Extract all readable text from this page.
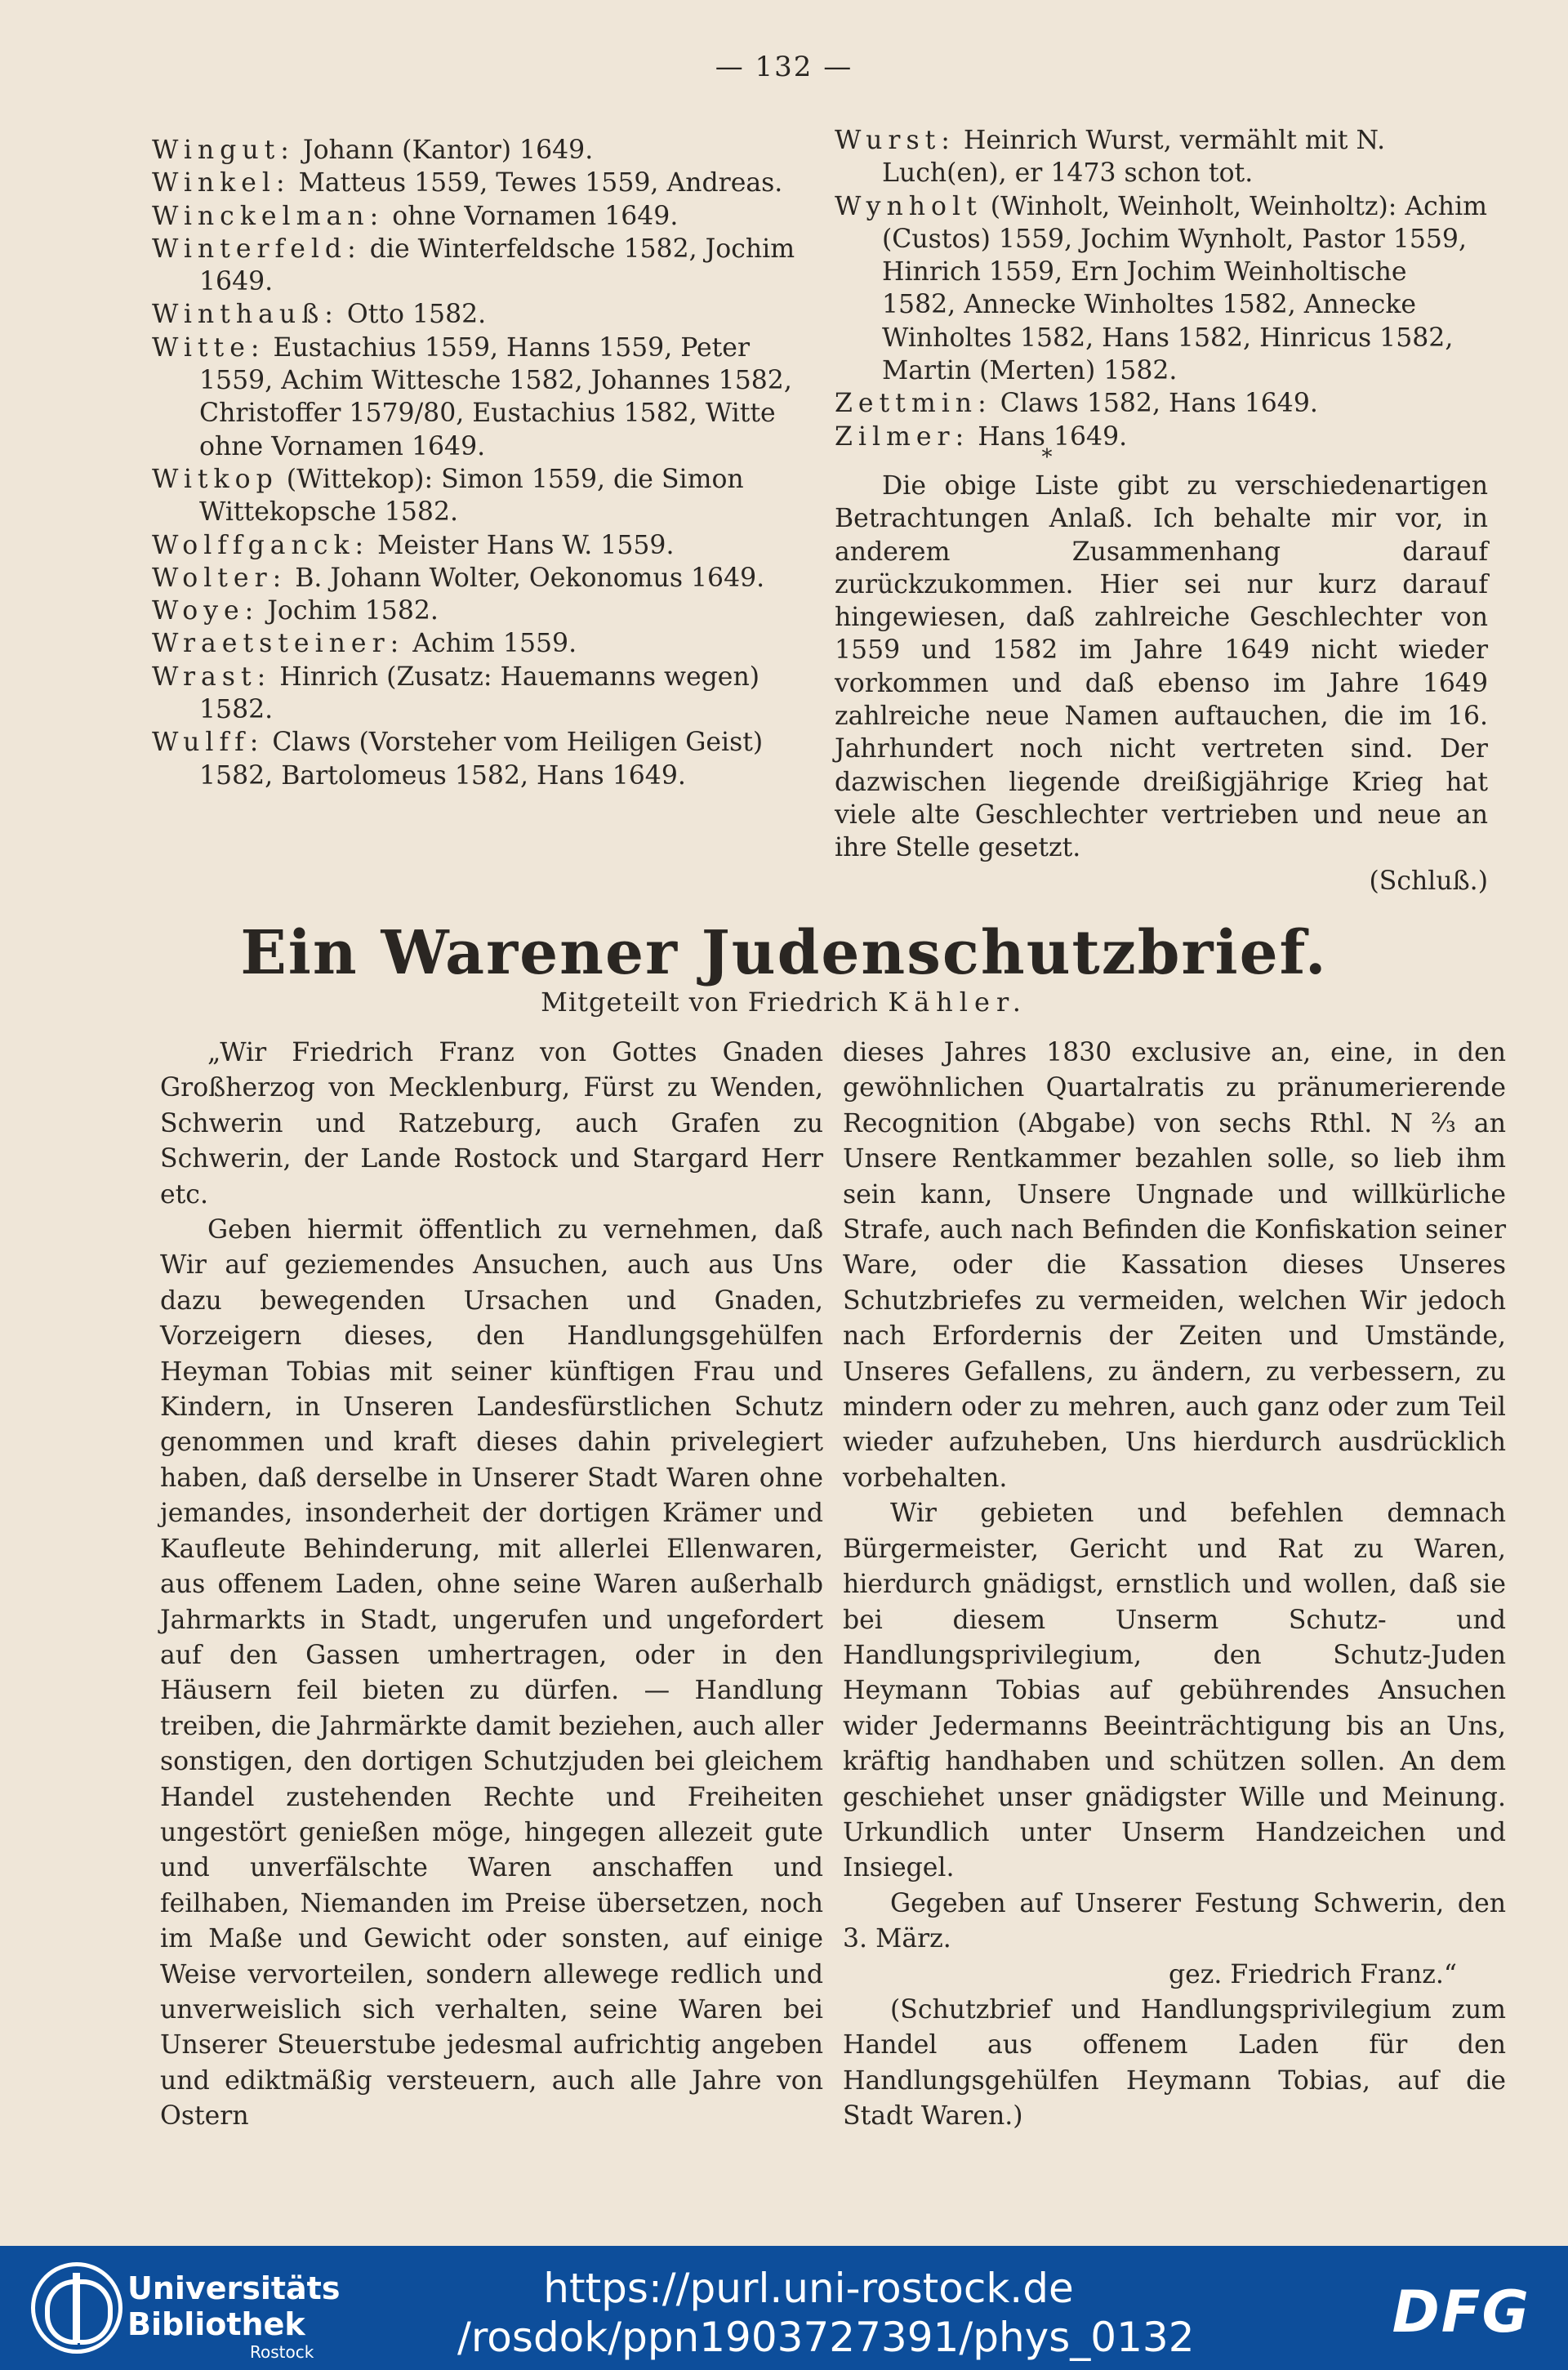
— 132 —

Wingut: Johann (Kantor) 1649.

Winkel: Matteus 1559, Tewes 1559, Andreas.

Winckelman: ohne Vornamen 1649.

Winterfeld: die Winterfeldsche 1582, Jochim 1649.

Winthauß: Otto 1582.

Witte: Eustachius 1559, Hanns 1559, Peter 1559, Achim Wittesche 1582, Johannes 1582, Christoffer 1579/80, Eustachius 1582, Witte ohne Vornamen 1649.

Witkop (Wittekop): Simon 1559, die Simon Wittekopsche 1582.

Wolffganck: Meister Hans W. 1559.

Wolter: B. Johann Wolter, Oekonomus 1649.

Woye: Jochim 1582.

Wraetsteiner: Achim 1559.

Wrast: Hinrich (Zusatz: Hauemanns wegen) 1582.

Wulff: Claws (Vorsteher vom Heiligen Geist) 1582, Bartolomeus 1582, Hans 1649.

Wurst: Heinrich Wurst, vermählt mit N. Luch(en), er 1473 schon tot.

Wynholt (Winholt, Weinholt, Weinholtz): Achim (Custos) 1559, Jochim Wynholt, Pastor 1559, Hinrich 1559, Ern Jochim Weinholtische 1582, Annecke Winholtes 1582, Annecke Winholtes 1582, Hans 1582, Hinricus 1582, Martin (Merten) 1582.

Zettmin: Claws 1582, Hans 1649.

Zilmer: Hans 1649.

*

Die obige Liste gibt zu verschiedenartigen Betrachtungen Anlaß. Ich behalte mir vor, in anderem Zusammenhang darauf zurückzukommen. Hier sei nur kurz darauf hingewiesen, daß zahlreiche Geschlechter von 1559 und 1582 im Jahre 1649 nicht wieder vorkommen und daß ebenso im Jahre 1649 zahlreiche neue Namen auftauchen, die im 16. Jahrhundert noch nicht vertreten sind. Der dazwischen liegende dreißigjährige Krieg hat viele alte Geschlechter vertrieben und neue an ihre Stelle gesetzt.

(Schluß.)

Ein Warener Judenschutzbrief.
Mitgeteilt von Friedrich Kähler.

„Wir Friedrich Franz von Gottes Gnaden Großherzog von Mecklenburg, Fürst zu Wenden, Schwerin und Ratzeburg, auch Grafen zu Schwerin, der Lande Rostock und Stargard Herr etc.

Geben hiermit öffentlich zu vernehmen, daß Wir auf geziemendes Ansuchen, auch aus Uns dazu bewegenden Ursachen und Gnaden, Vorzeigern dieses, den Handlungsgehülfen Heyman Tobias mit seiner künftigen Frau und Kindern, in Unseren Landesfürstlichen Schutz genommen und kraft dieses dahin privelegiert haben, daß derselbe in Unserer Stadt Waren ohne jemandes, insonderheit der dortigen Krämer und Kaufleute Behinderung, mit allerlei Ellenwaren, aus offenem Laden, ohne seine Waren außerhalb Jahrmarkts in Stadt, ungerufen und ungefordert auf den Gassen umhertragen, oder in den Häusern feil bieten zu dürfen. — Handlung treiben, die Jahrmärkte damit beziehen, auch aller sonstigen, den dortigen Schutzjuden bei gleichem Handel zustehenden Rechte und Freiheiten ungestört genießen möge, hingegen allezeit gute und unverfälschte Waren anschaffen und feilhaben, Niemanden im Preise übersetzen, noch im Maße und Gewicht oder sonsten, auf einige Weise vervorteilen, sondern allewege redlich und unverweislich sich verhalten, seine Waren bei Unserer Steuerstube jedesmal aufrichtig angeben und ediktmäßig versteuern, auch alle Jahre von Ostern

dieses Jahres 1830 exclusive an, eine, in den gewöhnlichen Quartalratis zu pränumerierende Recognition (Abgabe) von sechs Rthl. N ⅔ an Unsere Rentkammer bezahlen solle, so lieb ihm sein kann, Unsere Ungnade und willkürliche Strafe, auch nach Befinden die Konfiskation seiner Ware, oder die Kassation dieses Unseres Schutzbriefes zu vermeiden, welchen Wir jedoch nach Erfordernis der Zeiten und Umstände, Unseres Gefallens, zu ändern, zu verbessern, zu mindern oder zu mehren, auch ganz oder zum Teil wieder aufzuheben, Uns hierdurch ausdrücklich vorbehalten.

Wir gebieten und befehlen demnach Bürgermeister, Gericht und Rat zu Waren, hierdurch gnädigst, ernstlich und wollen, daß sie bei diesem Unserm Schutz- und Handlungsprivilegium, den Schutz-Juden Heymann Tobias auf gebührendes Ansuchen wider Jedermanns Beeinträchtigung bis an Uns, kräftig handhaben und schützen sollen. An dem geschiehet unser gnädigster Wille und Meinung. Urkundlich unter Unserm Handzeichen und Insiegel.

Gegeben auf Unserer Festung Schwerin, den 3. März.

gez. Friedrich Franz.“

(Schutzbrief und Handlungsprivilegium zum Handel aus offenem Laden für den Handlungsgehülfen Heymann Tobias, auf die Stadt Waren.)

Universitäts
Bibliothek
Rostock
https://purl.uni-rostock.de
/rosdok/ppn1903727391/phys_0132	DFG
